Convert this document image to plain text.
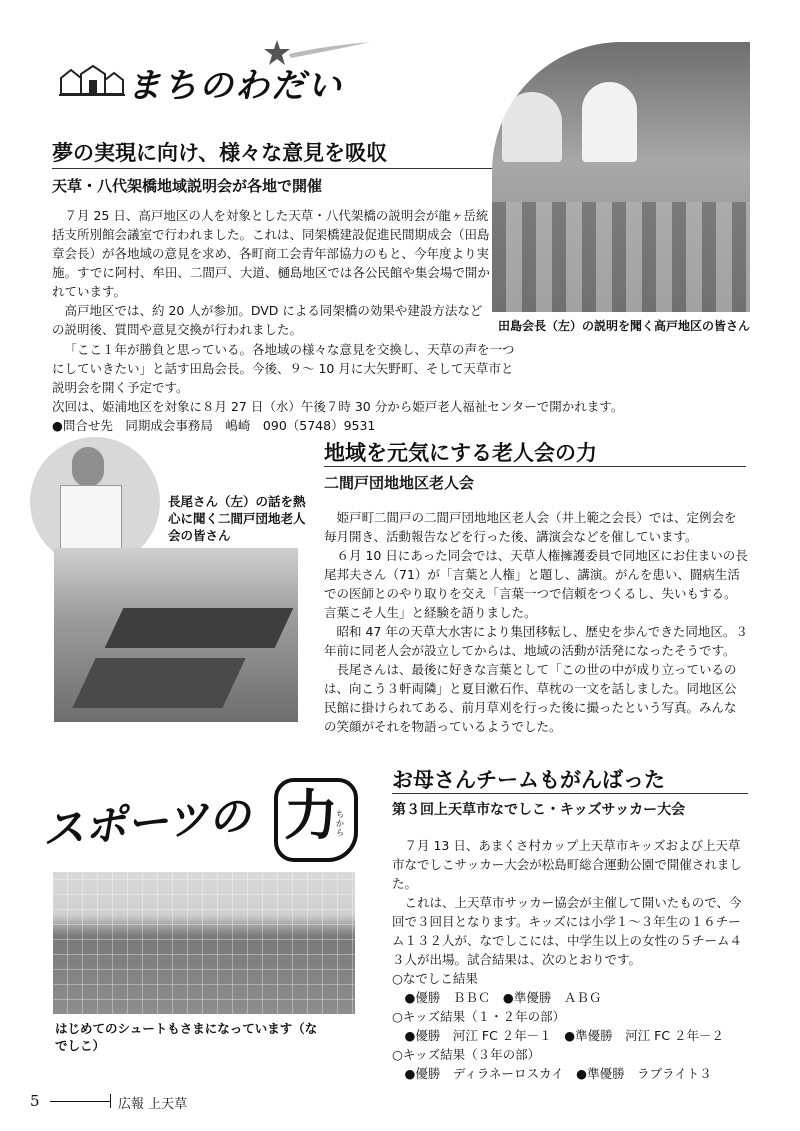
まちのわだい
夢の実現に向け、様々な意見を吸収
天草・八代架橋地域説明会が各地で開催

７月 25 日、高戸地区の人を対象とした天草・八代架橋の説明会が龍ヶ岳統括支所別館会議室で行われました。これは、同架橋建設促進民間期成会（田島章会長）が各地域の意見を求め、各町商工会青年部協力のもと、今年度より実施。すでに阿村、牟田、二間戸、大道、樋島地区では各公民館や集会場で開かれています。

高戸地区では、約 20 人が参加。DVD による同架橋の効果や建設方法などの説明後、質問や意見交換が行われました。

「ここ１年が勝負と思っている。各地域の様々な意見を交換し、天草の声を一つにしていきたい」と話す田島会長。今後、９～ 10 月に大矢野町、そして天草市と説明会を開く予定です。

次回は、姫浦地区を対象に８月 27 日（水）午後７時 30 分から姫戸老人福祉センターで開かれます。

●問合せ先　同期成会事務局　嶋崎　090（5748）9531

田島会長（左）の説明を聞く高戸地区の皆さん
長尾さん（左）の話を熱心に聞く二間戸団地老人会の皆さん
地域を元気にする老人会の力
二間戸団地地区老人会

姫戸町二間戸の二間戸団地地区老人会（井上範之会長）では、定例会を毎月開き、活動報告などを行った後、講演会などを催しています。

６月 10 日にあった同会では、天草人権擁護委員で同地区にお住まいの長尾邦夫さん（71）が「言葉と人権」と題し、講演。がんを患い、闘病生活での医師とのやり取りを交え「言葉一つで信頼をつくるし、失いもする。言葉こそ人生」と経験を語りました。

昭和 47 年の天草大水害により集団移転し、歴史を歩んできた同地区。３年前に同老人会が設立してからは、地域の活動が活発になったそうです。

長尾さんは、最後に好きな言葉として「この世の中が成り立っているのは、向こう３軒両隣」と夏目漱石作、草枕の一文を話しました。同地区公民館に掛けられてある、前月草刈を行った後に撮ったという写真。みんなの笑顔がそれを物語っているようでした。

スポーツの 力
ちから
はじめてのシュートもさまになっています（なでしこ）
お母さんチームもがんばった
第３回上天草市なでしこ・キッズサッカー大会

７月 13 日、あまくさ村カップ上天草市キッズおよび上天草市なでしこサッカー大会が松島町総合運動公園で開催されました。

これは、上天草市サッカー協会が主催して開いたもので、今回で３回目となります。キッズには小学１～３年生の１６チーム１３２人が、なでしこには、中学生以上の女性の５チーム４３人が出場。試合結果は、次のとおりです。

○なでしこ結果
　●優勝　ＢＢＣ　●準優勝　ＡＢＧ
○キッズ結果（１・２年の部）
　●優勝　河江 FC ２年－１　●準優勝　河江 FC ２年－２
○キッズ結果（３年の部）
　●優勝　ディラネーロスカイ　●準優勝　ラブライト３
5	広報 上天草
